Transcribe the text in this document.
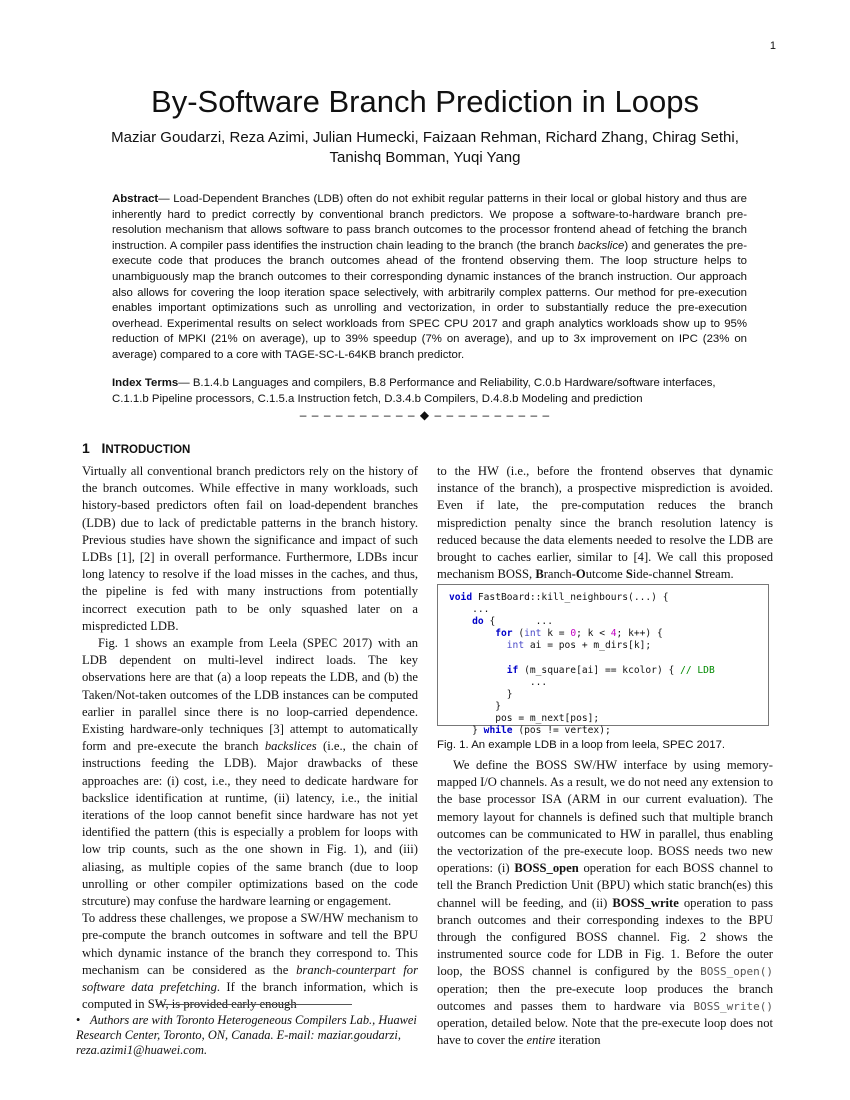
1
By-Software Branch Prediction in Loops
Maziar Goudarzi, Reza Azimi, Julian Humecki, Faizaan Rehman, Richard Zhang, Chirag Sethi,
Tanishq Bomman, Yuqi Yang
Abstract— Load-Dependent Branches (LDB) often do not exhibit regular patterns in their local or global history and thus are inherently hard to predict correctly by conventional branch predictors. We propose a software-to-hardware branch pre-resolution mechanism that allows software to pass branch outcomes to the processor frontend ahead of fetching the branch instruction. A compiler pass identifies the instruction chain leading to the branch (the branch backslice) and generates the pre-execute code that produces the branch outcomes ahead of the frontend observing them. The loop structure helps to unambiguously map the branch outcomes to their corresponding dynamic instances of the branch instruction. Our approach also allows for covering the loop iteration space selectively, with arbitrarily complex patterns. Our method for pre-execution enables important optimizations such as unrolling and vectorization, in order to substantially reduce the pre-execution overhead. Experimental results on select workloads from SPEC CPU 2017 and graph analytics workloads show up to 95% reduction of MPKI (21% on average), up to 39% speedup (7% on average), and up to 3x improvement on IPC (23% on average) compared to a core with TAGE-SC-L-64KB branch predictor.
Index Terms— B.1.4.b Languages and compilers, B.8 Performance and Reliability, C.0.b Hardware/software interfaces, C.1.1.b Pipeline processors, C.1.5.a Instruction fetch, D.3.4.b Compilers, D.4.8.b Modeling and prediction
– – – – – – – – – – ◆ – – – – – – – – – –
1 INTRODUCTION

Virtually all conventional branch predictors rely on the history of the branch outcomes. While effective in many workloads, such history-based predictors often fail on load-dependent branches (LDB) due to lack of predictable patterns in the branch history. Previous studies have shown the significance and impact of such LDBs [1], [2] in overall performance. Furthermore, LDBs incur long latency to resolve if the load misses in the caches, and thus, the pipeline is fed with many instructions from potentially incorrect execution path to be only squashed later on a mispredicted LDB.

Fig. 1 shows an example from Leela (SPEC 2017) with an LDB dependent on multi-level indirect loads. The key observations here are that (a) a loop repeats the LDB, and (b) the Taken/Not-taken outcomes of the LDB instances can be computed earlier in parallel since there is no loop-carried dependence. Existing hardware-only techniques [3] attempt to automatically form and pre-execute the branch backslices (i.e., the chain of instructions feeding the LDB). Major drawbacks of these approaches are: (i) cost, i.e., they need to dedicate hardware for backslice identification at runtime, (ii) latency, i.e., the initial iterations of the loop cannot benefit since hardware has not yet identified the pattern (this is especially a problem for loops with low trip counts, such as the one shown in Fig. 1), and (iii) aliasing, as multiple copies of the same branch (due to loop unrolling or other compiler optimizations based on the code strcuture) may confuse the hardware learning or engagement.

To address these challenges, we propose a SW/HW mechanism to pre-compute the branch outcomes in software and tell the BPU which dynamic instance of the branch they correspond to. This mechanism can be considered as the branch-counterpart for software data prefetching. If the branch information, which is computed in SW, is provided early enough

to the HW (i.e., before the frontend observes that dynamic instance of the branch), a prospective misprediction is avoided. Even if late, the pre-computation reduces the branch misprediction penalty since the branch resolution latency is reduced because the data elements needed to resolve the LDB are brought to caches earlier, similar to [4]. We call this proposed mechanism BOSS, Branch-Outcome Side-channel Stream.

void FastBoard::kill_neighbours(...) {
...
do {       ...
for (int k = 0; k < 4; k++) {
int ai = pos + m_dirs[k];

if (m_square[ai] == kcolor) { // LDB
...
}
}
pos = m_next[pos];
} while (pos != vertex);
Fig. 1. An example LDB in a loop from leela, SPEC 2017.

We define the BOSS SW/HW interface by using memory-mapped I/O channels. As a result, we do not need any extension to the base processor ISA (ARM in our current evaluation). The memory layout for channels is defined such that multiple branch outcomes can be communicated to HW in parallel, thus enabling the vectorization of the pre-execute loop. BOSS needs two new operations: (i) BOSS_open operation for each BOSS channel to tell the Branch Prediction Unit (BPU) which static branch(es) this channel will be feeding, and (ii) BOSS_write operation to pass branch outcomes and their corresponding indexes to the BPU through the configured BOSS channel. Fig. 2 shows the instrumented source code for LDB in Fig. 1. Before the outer loop, the BOSS channel is configured by the BOSS_open() operation; then the pre-execute loop produces the branch outcomes and passes them to hardware via BOSS_write() operation, detailed below. Note that the pre-execute loop does not have to cover the entire iteration

• Authors are with Toronto Heterogeneous Compilers Lab., Huawei Research Center, Toronto, ON, Canada. E-mail: maziar.goudarzi, reza.azimi1@huawei.com.
